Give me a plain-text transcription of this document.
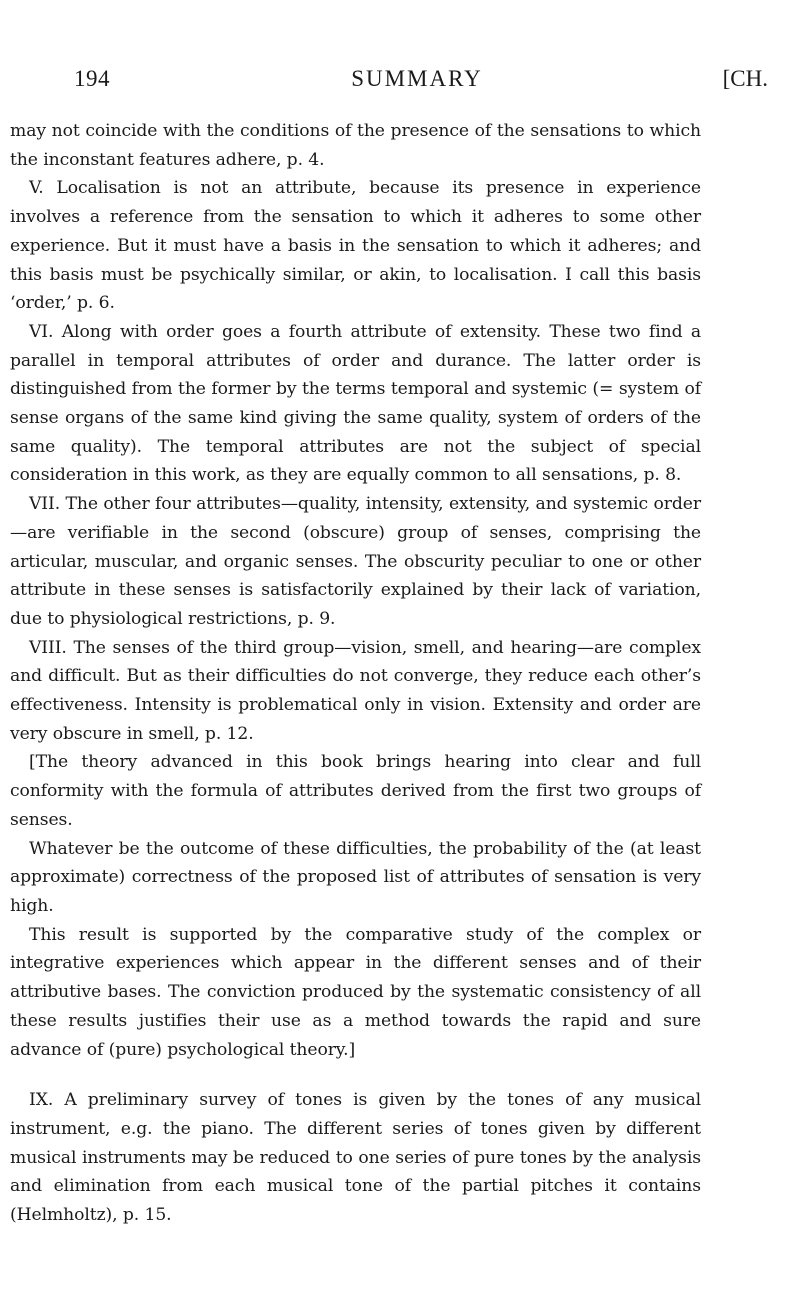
194	SUMMARY	[CH.

may not coincide with the conditions of the presence of the sensations to which the inconstant features adhere, p. 4.

V. Localisation is not an attribute, because its presence in experience involves a reference from the sensation to which it adheres to some other experience. But it must have a basis in the sensation to which it adheres; and this basis must be psychically similar, or akin, to localisation. I call this basis ‘order,’ p. 6.

VI. Along with order goes a fourth attribute of extensity. These two find a parallel in temporal attributes of order and durance. The latter order is distinguished from the former by the terms temporal and systemic (= system of sense organs of the same kind giving the same quality, system of orders of the same quality). The temporal attributes are not the subject of special consideration in this work, as they are equally common to all sensations, p. 8.

VII. The other four attributes—quality, intensity, extensity, and systemic order—are verifiable in the second (obscure) group of senses, comprising the articular, muscular, and organic senses. The obscurity peculiar to one or other attribute in these senses is satisfactorily explained by their lack of variation, due to physiological restrictions, p. 9.

VIII. The senses of the third group—vision, smell, and hearing—are complex and difficult. But as their difficulties do not converge, they reduce each other’s effectiveness. Intensity is problematical only in vision. Extensity and order are very obscure in smell, p. 12.

[The theory advanced in this book brings hearing into clear and full conformity with the formula of attributes derived from the first two groups of senses.

Whatever be the outcome of these difficulties, the probability of the (at least approximate) correctness of the proposed list of attributes of sensation is very high.

This result is supported by the comparative study of the complex or integrative experiences which appear in the different senses and of their attributive bases. The conviction produced by the systematic consistency of all these results justifies their use as a method towards the rapid and sure advance of (pure) psychological theory.]

IX. A preliminary survey of tones is given by the tones of any musical instrument, e.g. the piano. The different series of tones given by different musical instruments may be reduced to one series of pure tones by the analysis and elimination from each musical tone of the partial pitches it contains (Helmholtz), p. 15.
